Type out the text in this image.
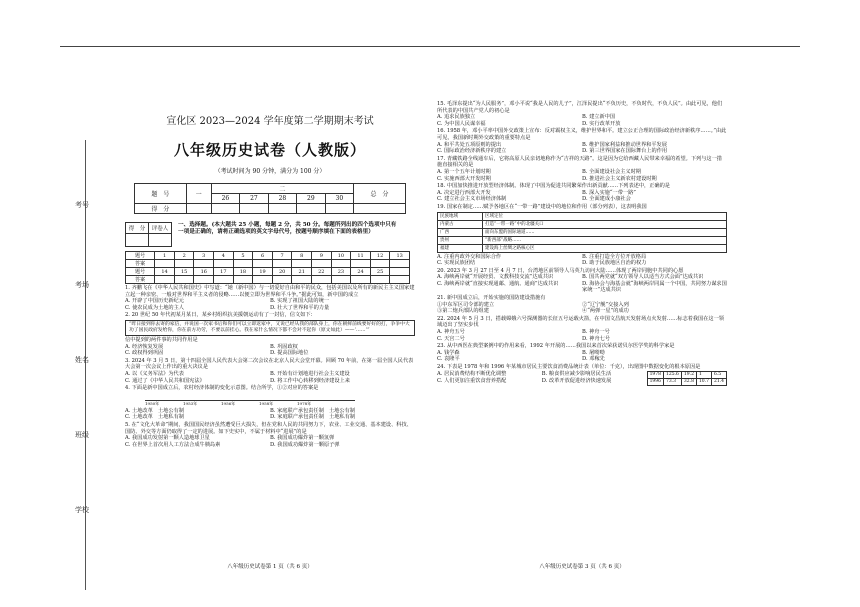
考号
考场
姓名
班级
学校
宣化区 2023—2024 学年度第二学期期末考试
八年级历史试卷（人教版）
（考试时间为 90 分钟，满分为 100 分）
题　号	一	二					总　分
		26	27	28	29	30	
得　分							
得　分	评卷人

一、选择题。(本大题共 25 小题，每题 2 分，共 50 分。每题所列出的四个选项中只有一项是正确的，请将正确选项的英文字母代号，按题号顺序填在下面的表格里）
题号	1	2	3	4	5	6	7	8	9	10	11	12	13
答案													
题号	14	15	16	17	18	19	20	21	22	23	24	25	
答案													
1. 齐鹏飞在《中华人民共和国史》中写道：“她（新中国）与一切爱好自由和平的民众，包括美国以及所有的新民主主义国家建立起一种亲密、一般对世界和平主义者的侵略……以便立即为世界和平斗争。”据此可知，新中国的成立
A. 开辟了中国历史新纪元	B. 实现了祖国大陆的统一
C. 使农民成为土地的主人	D. 壮大了世界和平的力量
2. 20 世纪 50 年代初某月某日，某乡村组织抗美援朝运动有了一封信，信文如下：
“昨日接到你去寄的家信，并说国一次家书后和你们可以立即返家中，又说已经从我的部队身上，你在朝鲜前线要好好的打，争争中大功了国民政府发给你，你在前方功劳，不要以前挂心。我在家什么情况下都不会对不起你（原文如此）——‘……’”
信中提到的两件事的共同作用是
A. 经济恢复发展	B. 巩固政权
C. 政权得到巩固	D. 提高国际地位
3. 2024 年 3 月 5 日，第十四届全国人民代表大会第二次会议在北京人民大会堂开幕。回顾 70 年前，在第一届全国人民代表大会第一次会议上作出的重大决议是
A. 以《义务军法》为代表	B. 开始有计划地进行社会主义建设
C. 通过了《中华人民共和国宪法》	D. 将工作中心转移到经济建设上来
4. 下面是新中国成立后，农村经济体制的变化示意图。结合所学，①②对应的答案是
1950年	1953年	1956年	1958年	1978年
A. 土地改革　土地公有制	B. 家庭联产承包责任制　土地公有制
C. 土地改革　土地私有制	D. 家庭联产承包责任制　土地私有制
5. 在“文化大革命”期间，我国国民经济虽然遭受巨大损失，但在党和人民的共同努力下，农业、工业交通、基本建设、科技、国防、外交等方面仍取得了一定的进展。如下史实中，不属于材料中“进展”的是
A. 我国成功发射第一颗人造地球卫星	B. 我国成功爆炸第一颗氢弹
C. 在世界上首次用人工方法合成牛胰岛素	D. 我国成功爆炸第一颗原子弹
八年级历史试卷第 1 页（共 6 页）
15. 毛泽东提出“为人民服务”，邓小平说“我是人民的儿子”，江泽民提出“不负历史，不负时代，不负人民”。由此可见，他们所代表的中国共产党人的初心是
A. 追求民族独立	B. 建立新中国
C. 为中国人民谋幸福	D. 实行改革开放
16. 1958 年，邓小平率中国外交政策上宣布：反对霸权主义，维护世界和平。建立公正合理的国际政治经济新秩序……。”由此可见，我国新时期外交政策的重要特点是
A. 和平共处五项原则的提出	B. 维护国家利益和推动世界和平发展
C. 国际政治经济新秩序的建立	D. 第三世界国家在国际舞台上的作用
17. 青藏铁路全线通车后，它将高原人民亲切地称作为“吉祥的天路”。这是因为它给西藏人民带来幸福的希望。下列与这一措施直接相关的是
A. 第一个五年计划时期	B. 全面建设社会主义时期
C. 实施西部大开发时期	D. 推进社会主义新农村建设时期
18. 中国加快推进开放型经济体制。体现了中国为促进共同繁荣作出新贡献……下列表述中，正确的是
A. 决定进行西部大开发	B. 深入实施“一带一路”
C. 建立社会主义市场经济体制	D. 全面建成小康社会
19. 国家在制定……赋予各地区在“一带一路”建设中的地位和作用（部分列表），这表明我国
民族地域	区域定位
内蒙古	打造“一带一路”中的北疆关口
广西	面向东盟的国际通道……
贵州	“新西部”战略……
福建	建设海上丝绸之路核心区
A. 注重内政外交和国际合作	B. 注重打造全方位开放格局
C. 实现民族团结	D. 助于民族地区自治的权力
20. 2023 年 3 月 27 日至 4 月 7 日，台湾地区前领导人马英九访问大陆……体现了两岸同胞中共同的心愿
A. 海峡两岸就“开展经贸、文教科技交流”达成共识	B. 国共两党就“双方领导人以适当方式会面”达成共识
C. 海峡两岸就“直接实现通邮、通航、通商”达成共识	D. 海协会与海基会就“海峡两岸同属一个中国，共同努力谋求国家统一”达成共识
21. 新中国成立后，开始实施的国防建设措施有
①中东军区司令部的建立	②“辽宁舰”交接入列
③第二炮兵部队的组建	④“两弹一星”的成功
22. 2024 年 5 月 3 日，搭载嫦娥六号探测器的长征五号运载火箭，在中国文昌航天发射场点火发射……标志着我国在这一领域迈出了坚实步伐
A. 神舟五号	B. 神舟一号
C. 天宫二号	D. 神舟七号
23. 从中西医在典型案例中的作用来看，1992 年开展的……我国以来首次荣获诺贝尔医学奖的科学家是
A. 钱学森	B. 屠呦呦
C. 袁隆平	D. 邓稼先
24. 下表是 1978 年和 1996 年某城市居民主要饮食消费品统计表（单位：千克），出现图中数据变化的根本原因是
A. 居民消费结构不断优化调整	B. 粮食供应减少影响居民生活
C. 人们更加注重饮食营养搭配	D. 改革开放促进经济快速发展
1978	125.6	19.2	1	6.5
1996	73.3	32.8	10.7	21.4
八年级历史试卷第 3 页（共 6 页）
